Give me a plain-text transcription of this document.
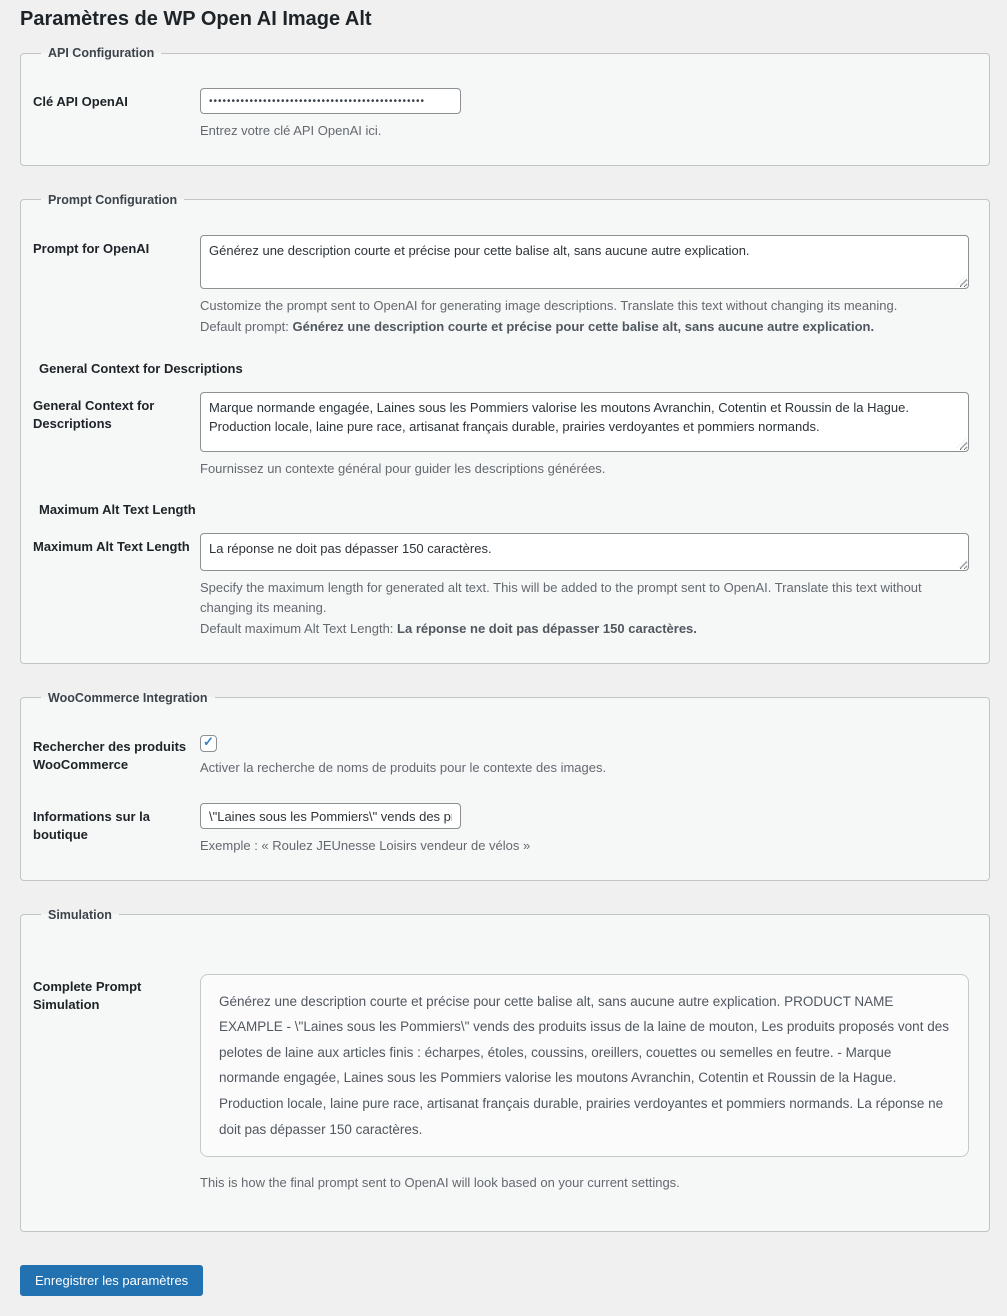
Paramètres de WP Open AI Image Alt
API Configuration
Clé API OpenAI
••••••••••••••••••••••••••••••••••••••••••••••••
Entrez votre clé API OpenAI ici.
Prompt Configuration
Prompt for OpenAI
Générez une description courte et précise pour cette balise alt, sans aucune autre explication.
Customize the prompt sent to OpenAI for generating image descriptions. Translate this text without changing its meaning.
Default prompt: Générez une description courte et précise pour cette balise alt, sans aucune autre explication.
General Context for Descriptions
General Context for Descriptions
Marque normande engagée, Laines sous les Pommiers valorise les moutons Avranchin, Cotentin et Roussin de la Hague. Production locale, laine pure race, artisanat français durable, prairies verdoyantes et pommiers normands.
Fournissez un contexte général pour guider les descriptions générées.
Maximum Alt Text Length
Maximum Alt Text Length
La réponse ne doit pas dépasser 150 caractères.
Specify the maximum length for generated alt text. This will be added to the prompt sent to OpenAI. Translate this text without changing its meaning.
Default maximum Alt Text Length: La réponse ne doit pas dépasser 150 caractères.
WooCommerce Integration
Rechercher des produits WooCommerce	Activer la recherche de noms de produits pour le contexte des images.
Informations sur la boutique
\"Laines sous les Pommiers\" vends des produits iss
Exemple : « Roulez JEUnesse Loisirs vendeur de vélos »
Simulation
Complete Prompt Simulation	Générez une description courte et précise pour cette balise alt, sans aucune autre explication. PRODUCT NAME EXAMPLE - \"Laines sous les Pommiers\" vends des produits issus de la laine de mouton, Les produits proposés vont des pelotes de laine aux articles finis : écharpes, étoles, coussins, oreillers, couettes ou semelles en feutre. - Marque normande engagée, Laines sous les Pommiers valorise les moutons Avranchin, Cotentin et Roussin de la Hague. Production locale, laine pure race, artisanat français durable, prairies verdoyantes et pommiers normands. La réponse ne doit pas dépasser 150 caractères.
This is how the final prompt sent to OpenAI will look based on your current settings.
Enregistrer les paramètres
